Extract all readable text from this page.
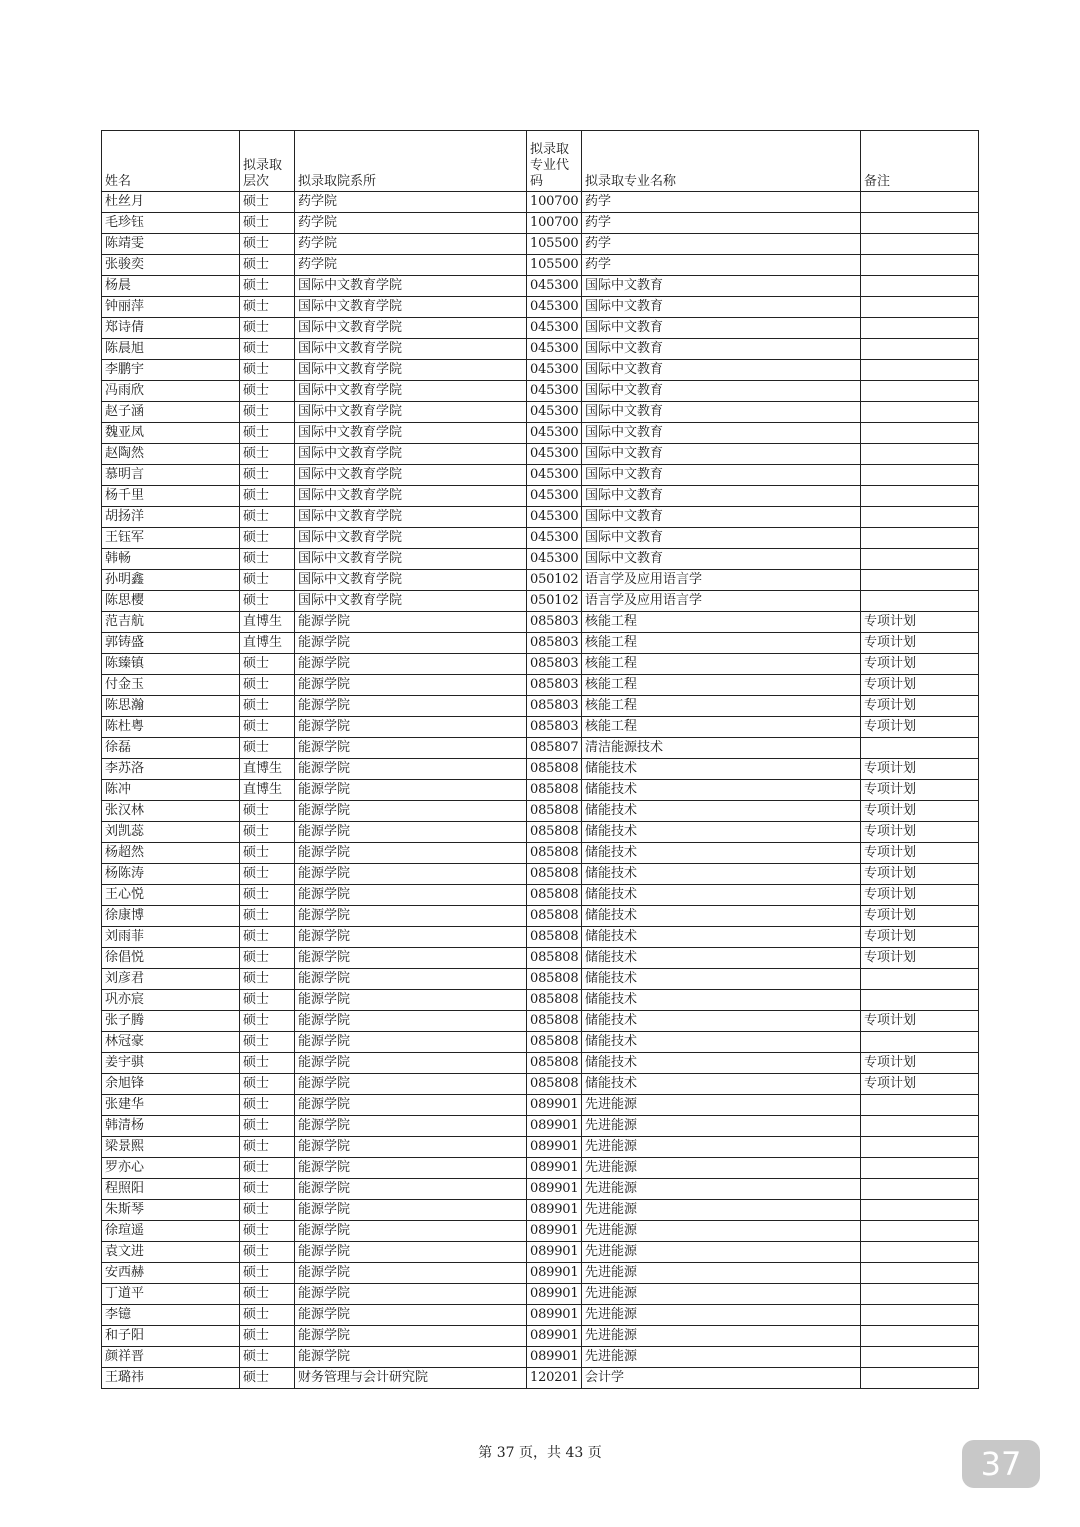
姓名	拟录取层次	拟录取院系所	拟录取专业代码	拟录取专业名称	备注
杜丝月	硕士	药学院	100700	药学	
毛珍钰	硕士	药学院	100700	药学	
陈靖雯	硕士	药学院	105500	药学	
张骏奕	硕士	药学院	105500	药学	
杨晨	硕士	国际中文教育学院	045300	国际中文教育	
钟丽萍	硕士	国际中文教育学院	045300	国际中文教育	
郑诗倩	硕士	国际中文教育学院	045300	国际中文教育	
陈晨旭	硕士	国际中文教育学院	045300	国际中文教育	
李鹏宇	硕士	国际中文教育学院	045300	国际中文教育	
冯雨欣	硕士	国际中文教育学院	045300	国际中文教育	
赵子涵	硕士	国际中文教育学院	045300	国际中文教育	
魏亚凤	硕士	国际中文教育学院	045300	国际中文教育	
赵陶然	硕士	国际中文教育学院	045300	国际中文教育	
慕明言	硕士	国际中文教育学院	045300	国际中文教育	
杨千里	硕士	国际中文教育学院	045300	国际中文教育	
胡扬洋	硕士	国际中文教育学院	045300	国际中文教育	
王钰军	硕士	国际中文教育学院	045300	国际中文教育	
韩畅	硕士	国际中文教育学院	045300	国际中文教育	
孙明鑫	硕士	国际中文教育学院	050102	语言学及应用语言学	
陈思樱	硕士	国际中文教育学院	050102	语言学及应用语言学	
范吉航	直博生	能源学院	085803	核能工程	专项计划
郭铸盛	直博生	能源学院	085803	核能工程	专项计划
陈臻镇	硕士	能源学院	085803	核能工程	专项计划
付金玉	硕士	能源学院	085803	核能工程	专项计划
陈思瀚	硕士	能源学院	085803	核能工程	专项计划
陈杜粤	硕士	能源学院	085803	核能工程	专项计划
徐磊	硕士	能源学院	085807	清洁能源技术	
李苏洛	直博生	能源学院	085808	储能技术	专项计划
陈冲	直博生	能源学院	085808	储能技术	专项计划
张汉林	硕士	能源学院	085808	储能技术	专项计划
刘凯蕊	硕士	能源学院	085808	储能技术	专项计划
杨超然	硕士	能源学院	085808	储能技术	专项计划
杨陈涛	硕士	能源学院	085808	储能技术	专项计划
王心悦	硕士	能源学院	085808	储能技术	专项计划
徐康博	硕士	能源学院	085808	储能技术	专项计划
刘雨菲	硕士	能源学院	085808	储能技术	专项计划
徐倡悦	硕士	能源学院	085808	储能技术	专项计划
刘彦君	硕士	能源学院	085808	储能技术	
巩亦宸	硕士	能源学院	085808	储能技术	
张子腾	硕士	能源学院	085808	储能技术	专项计划
林冠豪	硕士	能源学院	085808	储能技术	
姜宇骐	硕士	能源学院	085808	储能技术	专项计划
余旭锋	硕士	能源学院	085808	储能技术	专项计划
张建华	硕士	能源学院	089901	先进能源	
韩清杨	硕士	能源学院	089901	先进能源	
梁景熙	硕士	能源学院	089901	先进能源	
罗亦心	硕士	能源学院	089901	先进能源	
程照阳	硕士	能源学院	089901	先进能源	
朱斯琴	硕士	能源学院	089901	先进能源	
徐瑄遥	硕士	能源学院	089901	先进能源	
袁文进	硕士	能源学院	089901	先进能源	
安西赫	硕士	能源学院	089901	先进能源	
丁道平	硕士	能源学院	089901	先进能源	
李镱	硕士	能源学院	089901	先进能源	
和子阳	硕士	能源学院	089901	先进能源	
颜祥晋	硕士	能源学院	089901	先进能源	
王璐祎	硕士	财务管理与会计研究院	120201	会计学	
第 37 页，共 43 页	37
